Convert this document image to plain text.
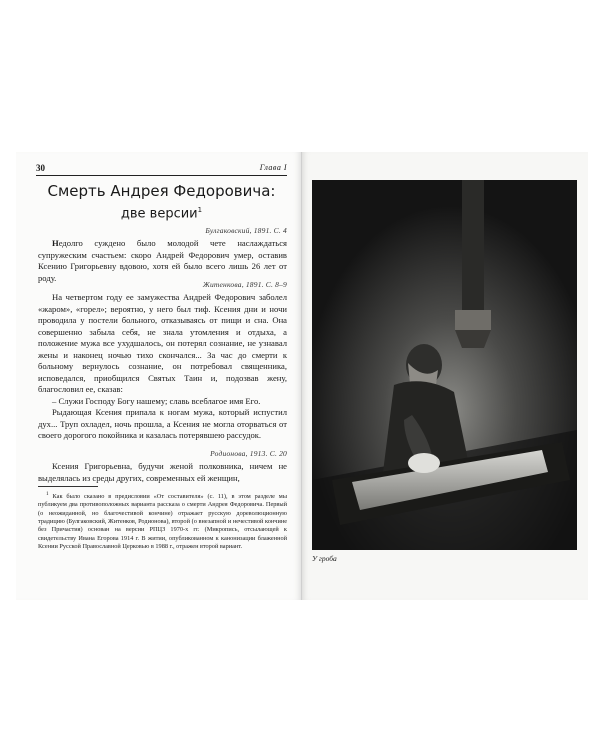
30	Глава I
Смерть Андрея Федоровича:
две версии$^1$
Булгаковский, 1891. С. 4

Недолго суждено было молодой чете наслаждаться супружеским счастьем: скоро Андрей Федорович умер, оставив Ксению Григорьевну вдовою, хотя ей было всего лишь 26 лет от роду.

Житенкова, 1891. С. 8–9

На четвертом году ее замужества Андрей Федорович заболел «жаром», «горел»; вероятно, у него был тиф. Ксения дни и ночи проводила у постели больного, отказываясь от пищи и сна. Она совершенно забыла себя, не знала утомления и отдыха, а положение мужа все ухудшалось, он потерял сознание, не узнавал жены и наконец ночью тихо скончался... За час до смерти к больному вернулось сознание, он потребовал священника, исповедался, приобщился Святых Таин и, подозвав жену, благословил ее, сказав:

– Служи Господу Богу нашему; славь всеблагое имя Его.

Рыдающая Ксения припала к ногам мужа, который испустил дух... Труп охладел, ночь прошла, а Ксения не могла оторваться от своего дорогого покойника и казалась потерявшею рассудок.

Родионова, 1913. С. 20

Ксения Григорьевна, будучи женой полковника, ничем не выделялась из среды других, современных ей женщин,

$^1$ Как было сказано в предисловии «От составителя» (с. 11), в этом разделе мы публикуем два противоположных варианта рассказа о смерти Андрея Федоровича. Первый (о неожиданной, но благочестивой кончине) отражает русскую дореволюционную традицию (Булгаковский, Житенков, Родионова), второй (о внезапной и нечестивой кончине без Причастия) основан на версии РПЦЗ 1970-х гг. (Микропись, отсылающей к свидетельству Ивана Егорова 1914 г. В житии, опубликованном к канонизации блаженной Ксении Русской Православной Церковью в 1988 г., отражен второй вариант.

У гроба
